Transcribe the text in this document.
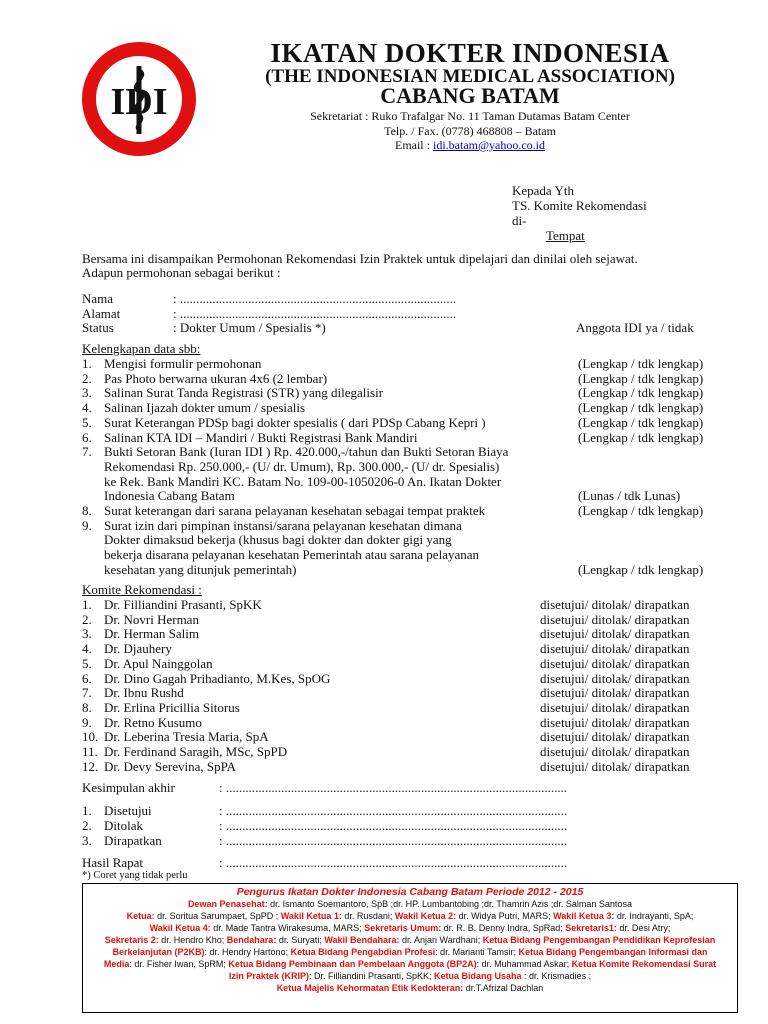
IDI
IKATAN DOKTER INDONESIA
(THE INDONESIAN MEDICAL ASSOCIATION)
CABANG BATAM
Sekretariat : Ruko Trafalgar No. 11 Taman Dutamas Batam Center
Telp. / Fax. (0778) 468808 – Batam
Email : idi.batam@yahoo.co.id
Kepada Yth
TS. Komite Rekomendasi
di-
Tempat
Bersama ini disampaikan Permohonan Rekomendasi Izin Praktek untuk dipelajari dan dinilai oleh sejawat.
Adapun permohonan sebagai berikut :
Nama	: .....................................................................................
Alamat	: .....................................................................................
Status	: Dokter Umum / Spesialis *)	Anggota IDI ya / tidak
Kelengkapan data sbb:
1. Mengisi formulir permohonan	(Lengkap / tdk lengkap)
2. Pas Photo berwarna ukuran 4x6 (2 lembar)	(Lengkap / tdk lengkap)
3. Salinan Surat Tanda Registrasi (STR) yang dilegalisir	(Lengkap / tdk lengkap)
4. Salinan Ijazah dokter umum / spesialis	(Lengkap / tdk lengkap)
5. Surat Keterangan PDSp bagi dokter spesialis ( dari PDSp Cabang Kepri )	(Lengkap / tdk lengkap)
6. Salinan KTA IDI – Mandiri / Bukti Registrasi Bank Mandiri	(Lengkap / tdk lengkap)
7. Bukti Setoran Bank (Iuran IDI ) Rp. 420.000,-/tahun dan Bukti Setoran Biaya
Rekomendasi Rp. 250.000,- (U/ dr. Umum), Rp. 300.000,- (U/ dr. Spesialis)
ke Rek. Bank Mandiri KC. Batam No. 109-00-1050206-0 An. Ikatan Dokter
Indonesia Cabang Batam	(Lunas / tdk Lunas)
8. Surat keterangan dari sarana pelayanan kesehatan sebagai tempat praktek	(Lengkap / tdk lengkap)
9. Surat izin dari pimpinan instansi/sarana pelayanan kesehatan dimana
Dokter dimaksud bekerja (khusus bagi dokter dan dokter gigi yang
bekerja disarana pelayanan kesehatan Pemerintah atau sarana pelayanan
kesehatan yang ditunjuk pemerintah)	(Lengkap / tdk lengkap)
Komite Rekomendasi :
1. Dr. Filliandini Prasanti, SpKK	disetujui/ ditolak/ dirapatkan
2. Dr. Novri Herman	disetujui/ ditolak/ dirapatkan
3. Dr. Herman Salim	disetujui/ ditolak/ dirapatkan
4. Dr. Djauhery	disetujui/ ditolak/ dirapatkan
5. Dr. Apul Nainggolan	disetujui/ ditolak/ dirapatkan
6. Dr. Dino Gagah Prihadianto, M.Kes, SpOG	disetujui/ ditolak/ dirapatkan
7. Dr. Ibnu Rushd	disetujui/ ditolak/ dirapatkan
8. Dr. Erlina Pricillia Sitorus	disetujui/ ditolak/ dirapatkan
9. Dr. Retno Kusumo	disetujui/ ditolak/ dirapatkan
10. Dr. Leberina Tresia Maria, SpA	disetujui/ ditolak/ dirapatkan
11. Dr. Ferdinand Saragih, MSc, SpPD	disetujui/ ditolak/ dirapatkan
12. Dr. Devy Serevina, SpPA	disetujui/ ditolak/ dirapatkan
Kesimpulan akhir	: .........................................................................................................
1. Disetujui	: .........................................................................................................
2. Ditolak	: .........................................................................................................
3. Dirapatkan	: .........................................................................................................
Hasil Rapat	: .........................................................................................................
*) Coret yang tidak perlu
Pengurus Ikatan Dokter Indonesia Cabang Batam Periode 2012 - 2015
Dewan Penasehat: dr. Ismanto Soemantoro, SpB ;dr. HP. Lumbantobing ;dr. Thamrin Azis ;dr. Salman Santosa
Ketua: dr. Soritua Sarumpaet, SpPD ; Wakil Ketua 1: dr. Rusdani; Wakil Ketua 2: dr. Widya Putri, MARS; Wakil Ketua 3: dr. Indrayanti, SpA;
Wakil Ketua 4: dr. Made Tantra Wirakesuma, MARS; Sekretaris Umum: dr. R. B. Denny Indra, SpRad; Sekretaris1: dr. Desi Atry;
Sekretaris 2: dr. Hendro Kho; Bendahara: dr. Suryati; Wakil Bendahara: dr. Anjari Wardhani; Ketua Bidang Pengembangan Pendidikan Keprofesian
Berkelanjutan (P2KB): dr. Hendry Hartono; Ketua Bidang Pengabdian Profesi: dr. Marianti Tamsir; Ketua Bidang Pengembangan Informasi dan
Media: dr. Fisher Iwan, SpRM; Ketua Bidang Pembinaan dan Pembelaan Anggota (BP2A): dr. Muhammad Askar; Ketua Komite Rekomendasi Surat
Izin Praktek (KRIP): Dr. Filliandini Prasanti, SpKK; Ketua Bidang Usaha : dr. Krismadies ;
Ketua Majelis Kehormatan Etik Kedokteran: dr.T.Afrizal Dachlan
